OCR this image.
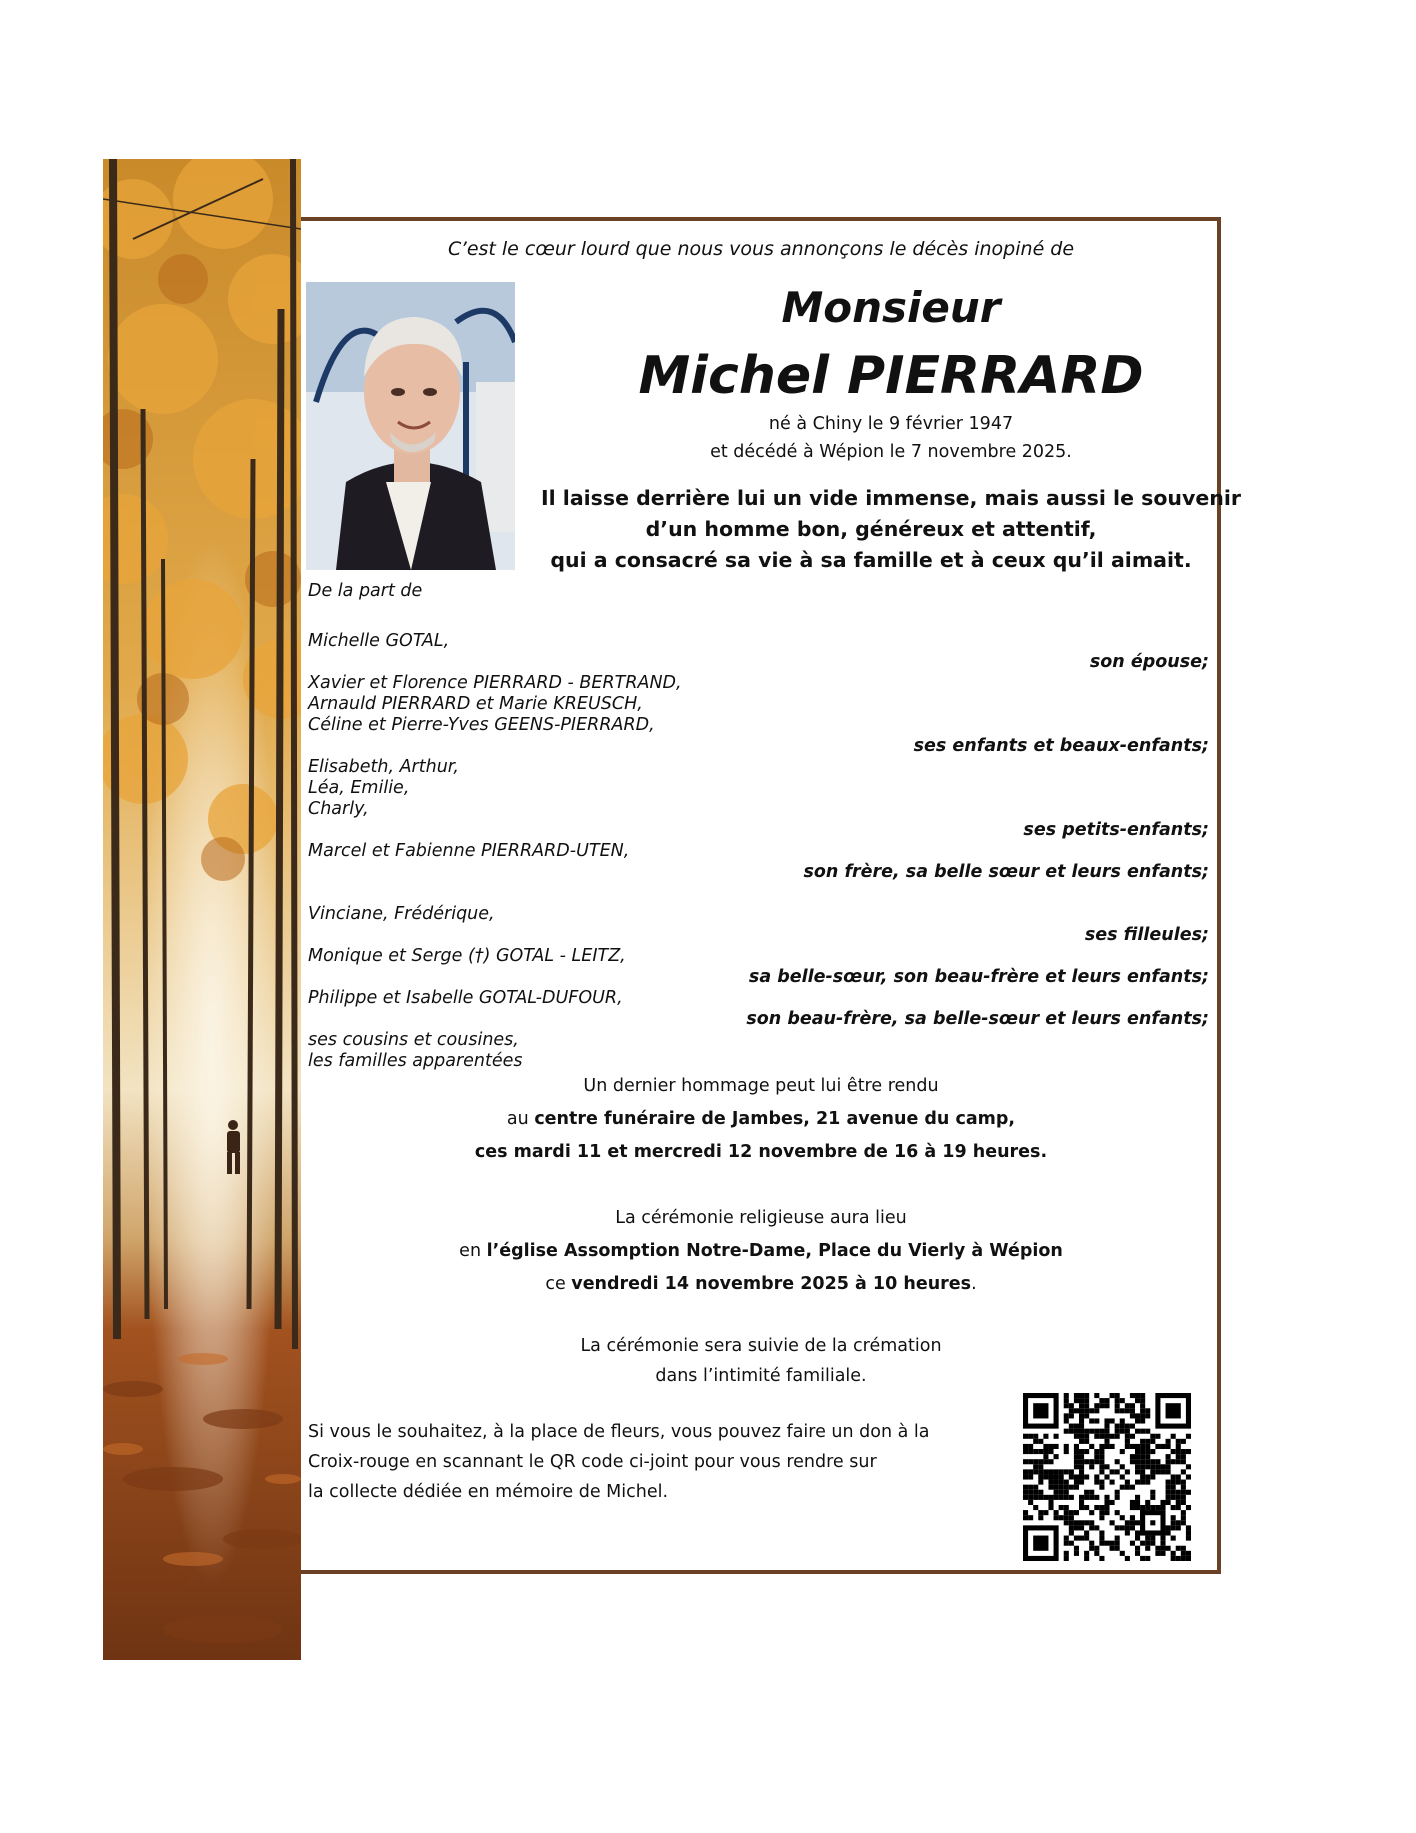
C’est le cœur lourd que nous vous annonçons le décès inopiné de
Monsieur
Michel PIERRARD
né à Chiny le 9 février 1947
et décédé à Wépion le 7 novembre 2025.
Il laisse derrière lui un vide immense, mais aussi le souvenir
d’un homme bon, généreux et attentif,
qui a consacré sa vie à sa famille et à ceux qu’il aimait.
De la part de
Michelle GOTAL,
son épouse;
Xavier et Florence PIERRARD - BERTRAND,
Arnauld PIERRARD et Marie KREUSCH,
Céline et Pierre-Yves GEENS-PIERRARD,
ses enfants et beaux-enfants;
Elisabeth, Arthur,
Léa, Emilie,
Charly,
ses petits-enfants;
Marcel et Fabienne PIERRARD-UTEN,
son frère, sa belle sœur et leurs enfants;
Vinciane, Frédérique,
ses filleules;
Monique et Serge (†) GOTAL - LEITZ,
sa belle-sœur, son beau-frère et leurs enfants;
Philippe et Isabelle GOTAL-DUFOUR,
son beau-frère, sa belle-sœur et leurs enfants;
ses cousins et cousines,
les familles apparentées
Un dernier hommage peut lui être rendu
au centre funéraire de Jambes, 21 avenue du camp,
ces mardi 11 et mercredi 12 novembre de 16 à 19 heures.
La cérémonie religieuse aura lieu
en l’église Assomption Notre-Dame, Place du Vierly à Wépion
ce vendredi 14 novembre 2025 à 10 heures.
La cérémonie sera suivie de la crémation
dans l’intimité familiale.
Si vous le souhaitez, à la place de fleurs, vous pouvez faire un don à la
Croix-rouge en scannant le QR code ci-joint pour vous rendre sur
la collecte dédiée en mémoire de Michel.
